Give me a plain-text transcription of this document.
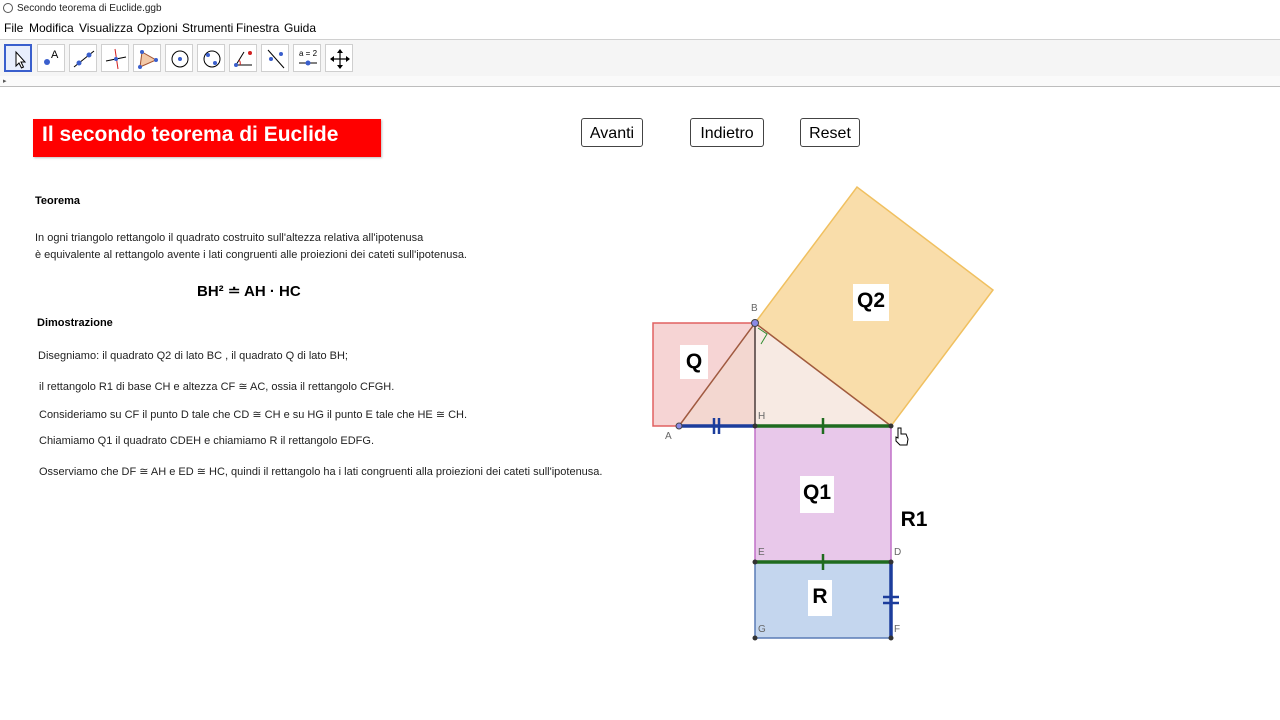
Secondo teorema di Euclide.ggb
File Modifica Visualizza Opzioni Strumenti Finestra Guida
A	a = 2
▸
Il secondo teorema di Euclide	Avanti	Indietro	Reset
Teorema
In ogni triangolo rettangolo il quadrato costruito sull'altezza relativa all'ipotenusa
è equivalente al rettangolo avente i lati congruenti alle proiezioni dei cateti sull'ipotenusa.
BH² ≐ AH · HC
Dimostrazione
Disegniamo: il quadrato Q2 di lato BC , il quadrato Q di lato BH;
il rettangolo R1 di base CH e altezza CF ≅ AC, ossia il rettangolo CFGH.
Consideriamo su CF il punto D tale che CD ≅ CH e su HG il punto E tale che HE ≅ CH.
Chiamiamo Q1 il quadrato CDEH e chiamiamo R il rettangolo EDFG.
Osserviamo che DF ≅ AH e ED ≅ HC, quindi il rettangolo ha i lati congruenti alla proiezioni dei cateti sull'ipotenusa.
Q
Q2
Q1
R
R1
A
B
H
E	D
G	F
